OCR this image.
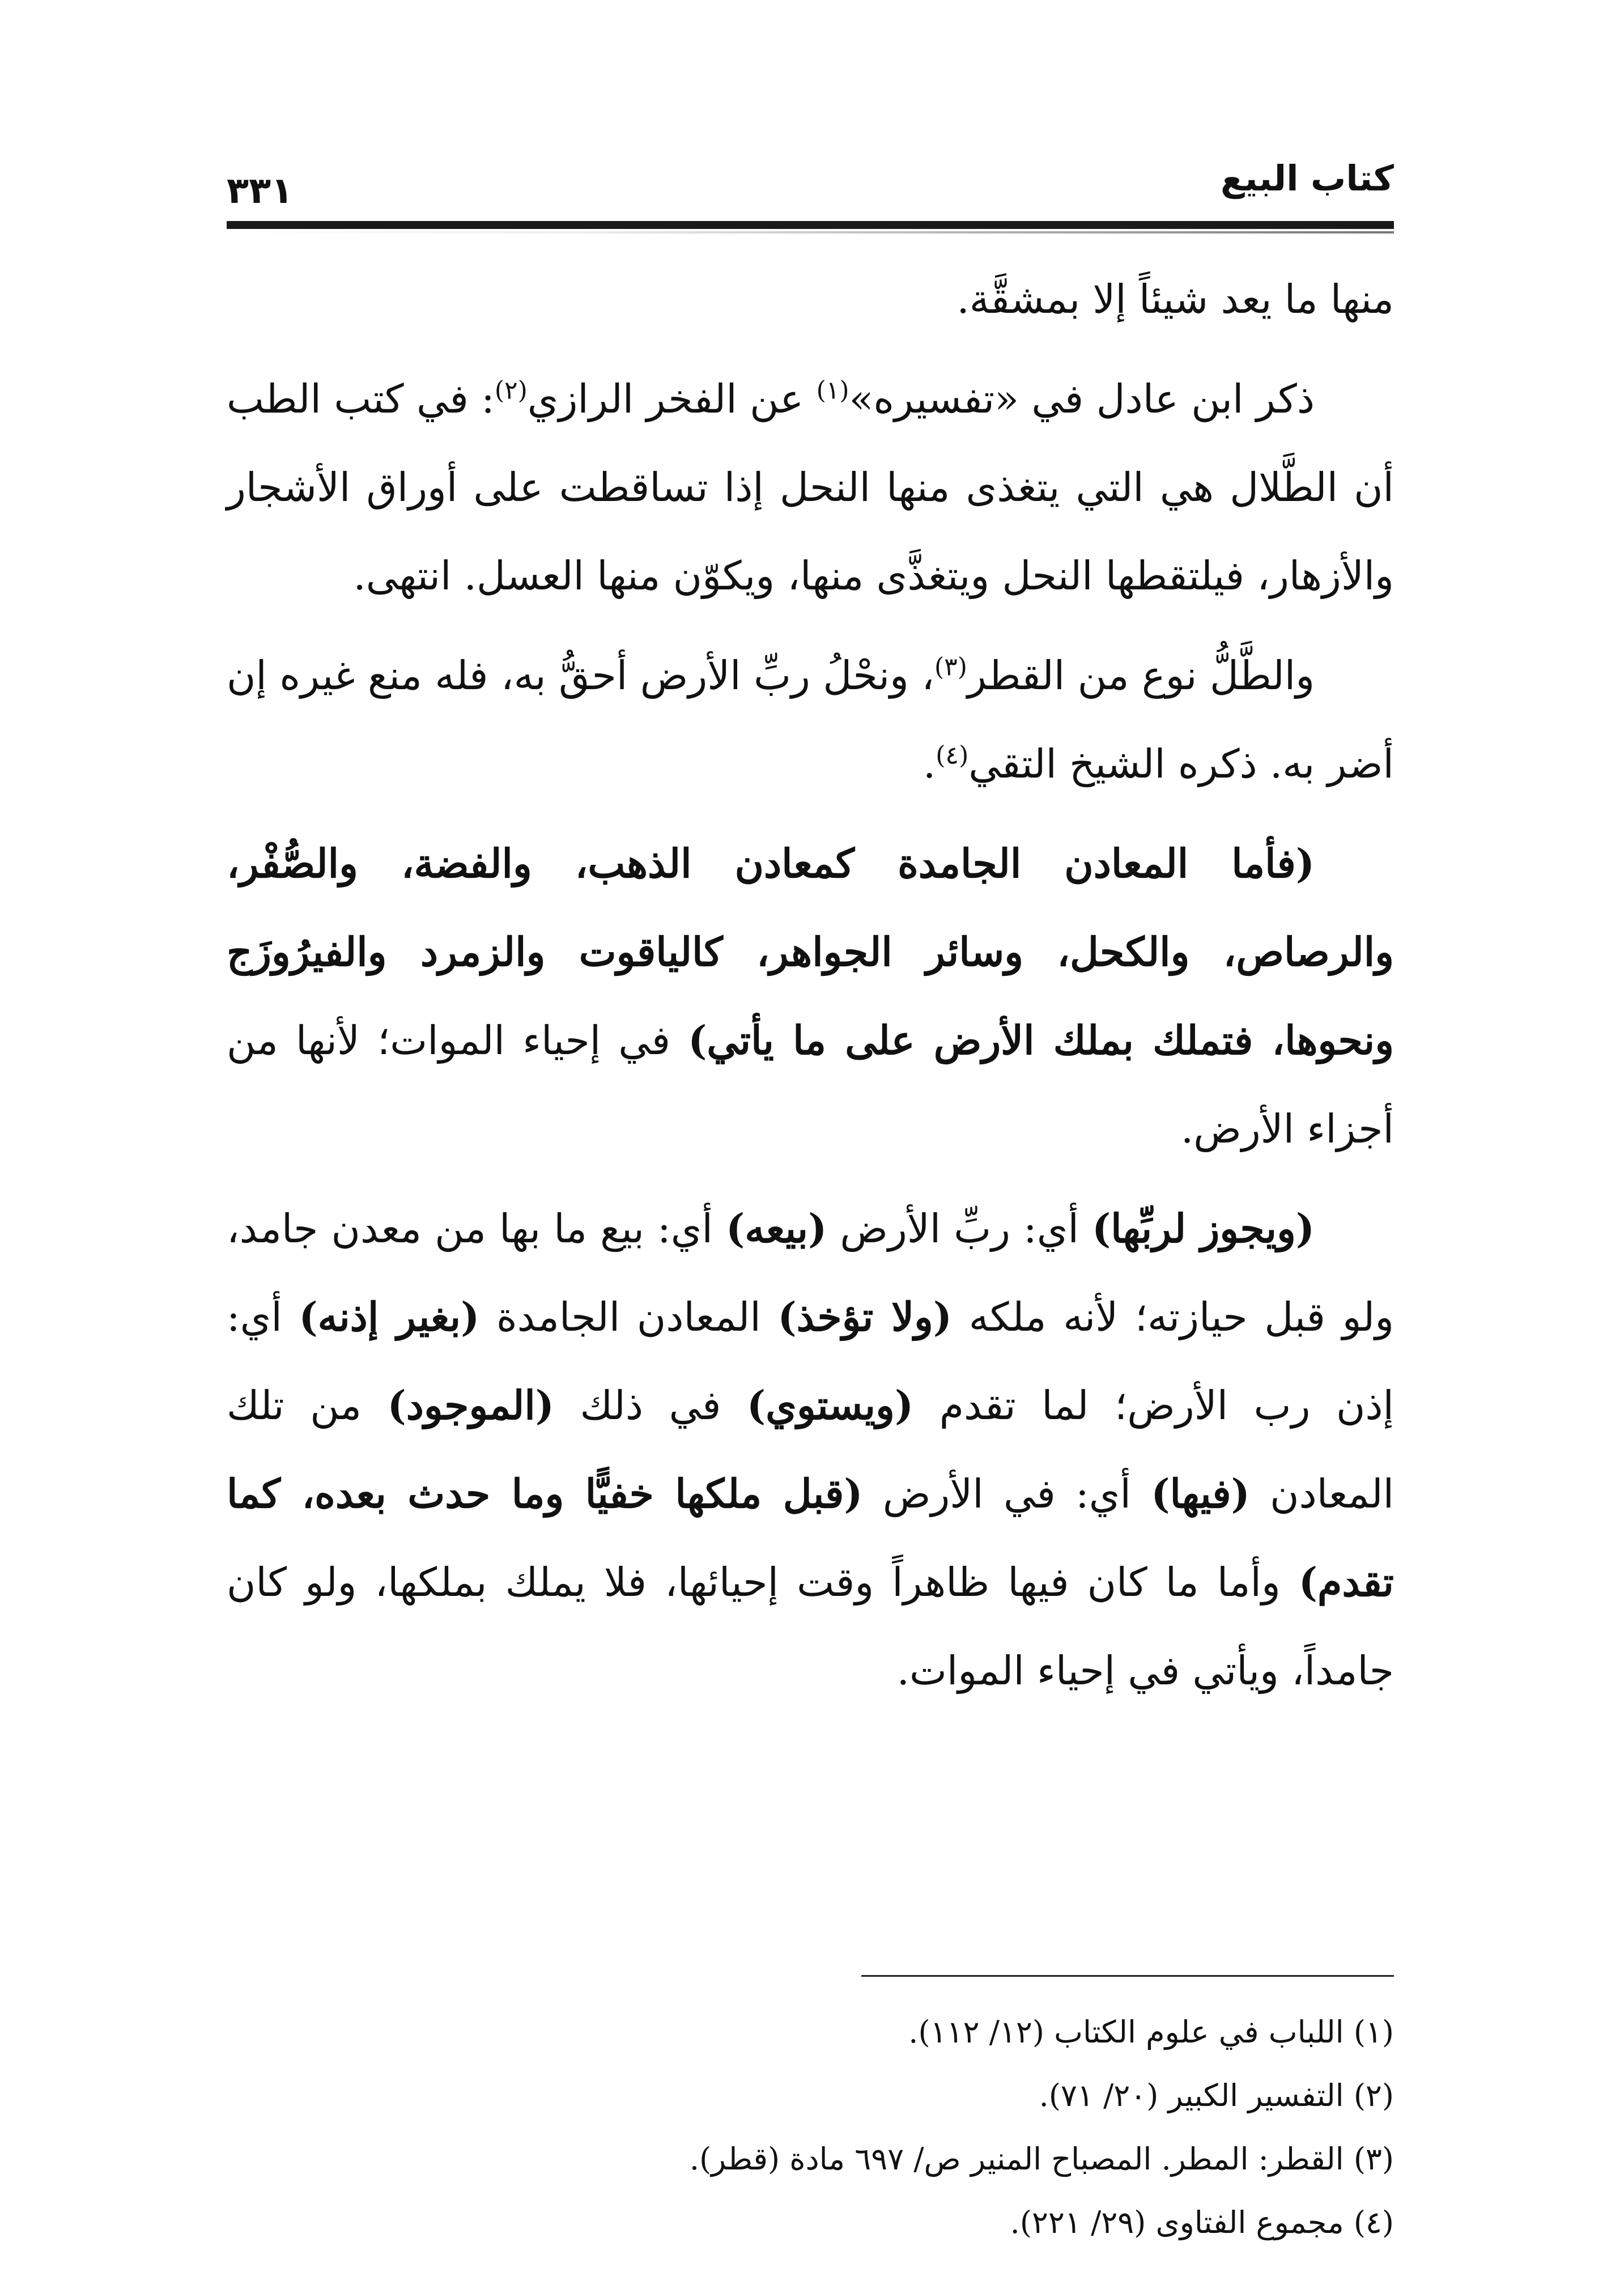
كتاب البيع
٣٣١

منها ما يعد شيئاً إلا بمشقَّة.

ذكر ابن عادل في «تفسيره»$^{(١)}$ عن الفخر الرازي$^{(٢)}$: في كتب الطب أن الطَّلال هي التي يتغذى منها النحل إذا تساقطت على أوراق الأشجار والأزهار، فيلتقطها النحل ويتغذَّى منها، ويكوّن منها العسل. انتهى.

والطَّلُّ نوع من القطر$^{(٣)}$، ونحْلُ ربِّ الأرض أحقُّ به، فله منع غيره إن أضر به. ذكره الشيخ التقي$^{(٤)}$.

(فأما المعادن الجامدة كمعادن الذهب، والفضة، والصُّفْر، والرصاص، والكحل، وسائر الجواهر، كالياقوت والزمرد والفيرُوزَج ونحوها، فتملك بملك الأرض على ما يأتي) في إحياء الموات؛ لأنها من أجزاء الأرض.

(ويجوز لربِّها) أي: ربِّ الأرض (بيعه) أي: بيع ما بها من معدن جامد، ولو قبل حيازته؛ لأنه ملكه (ولا تؤخذ) المعادن الجامدة (بغير إذنه) أي: إذن رب الأرض؛ لما تقدم (ويستوي) في ذلك (الموجود) من تلك المعادن (فيها) أي: في الأرض (قبل ملكها خفيًّا وما حدث بعده، كما تقدم) وأما ما كان فيها ظاهراً وقت إحيائها، فلا يملك بملكها، ولو كان جامداً، ويأتي في إحياء الموات.

(١) اللباب في علوم الكتاب (١٢/ ١١٢).

(٢) التفسير الكبير (٢٠/ ٧١).

(٣) القطر: المطر. المصباح المنير ص/ ٦٩٧ مادة (قطر).

(٤) مجموع الفتاوى (٢٩/ ٢٢١).
